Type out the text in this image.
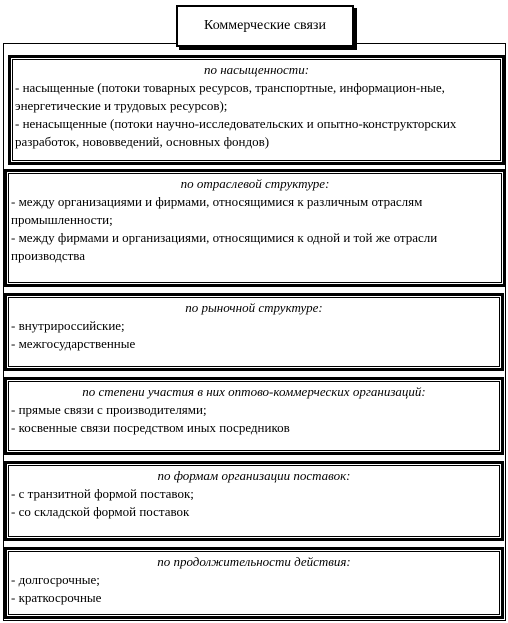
Коммерческие связи
по насыщенности:
- насыщенные (потоки товарных ресурсов, транспортные, информацион-ные, энергетические и трудовых ресурсов);
- ненасыщенные (потоки научно-исследовательских и опытно-конструкторских разработок, нововведений, основных фондов)
по отраслевой структуре:
- между организациями и фирмами, относящимися к различным отраслям промышленности;
- между фирмами и организациями, относящимися к одной и той же отрасли производства
по рыночной структуре:
- внутрироссийские;
- межгосударственные
по степени участия в них оптово-коммерческих организаций:
- прямые связи с производителями;
- косвенные связи посредством иных посредников
по формам организации поставок:
- с транзитной формой поставок;
- со складской формой поставок
по продолжительности действия:
- долгосрочные;
- краткосрочные
